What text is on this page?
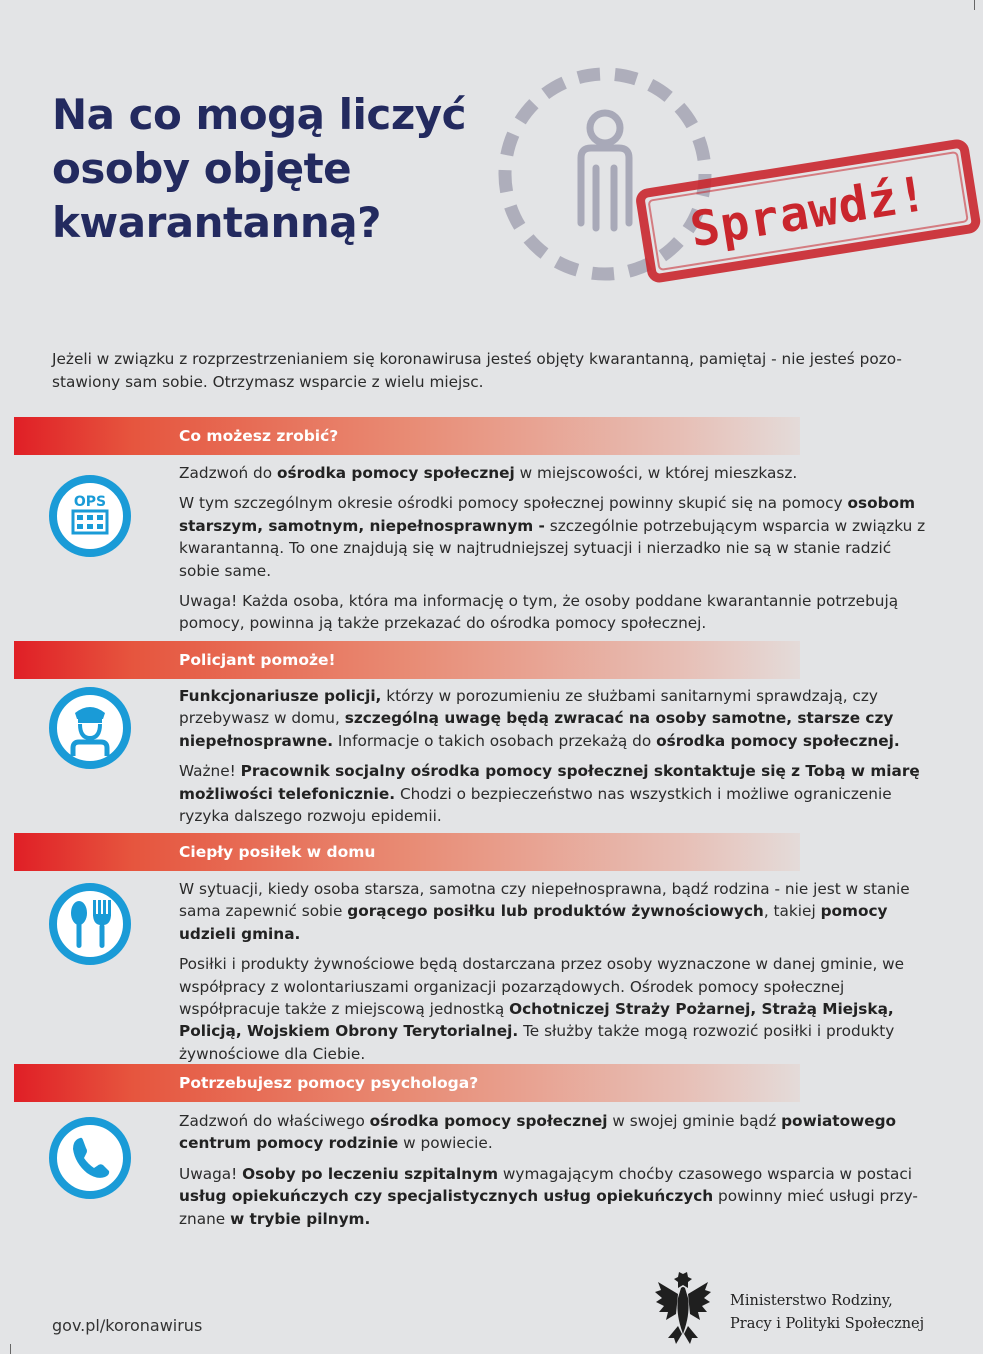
Na co mogą liczyć
osoby objęte
kwarantanną?	Sprawdź!
Jeżeli w związku z rozprzestrzenianiem się koronawirusa jesteś objęty kwarantanną, pamiętaj - nie jesteś pozo- stawiony sam sobie. Otrzymasz wsparcie z wielu miejsc.
Co możesz zrobić?
Policjant pomoże!
Ciepły posiłek w domu
Potrzebujesz pomocy psychologa?
OPS

Zadzwoń do ośrodka pomocy społecznej w miejscowości, w której mieszkasz.

W tym szczególnym okresie ośrodki pomocy społecznej powinny skupić się na pomocy osobom starszym, samotnym, niepełnosprawnym - szczególnie potrzebującym wsparcia w związku z kwarantanną. To one znajdują się w najtrudniejszej sytuacji i nierzadko nie są w stanie radzić sobie same.

Uwaga! Każda osoba, która ma informację o tym, że osoby poddane kwarantannie potrzebują pomocy, powinna ją także przekazać do ośrodka pomocy społecznej.

Funkcjonariusze policji, którzy w porozumieniu ze służbami sanitarnymi sprawdzają, czy przebywasz w domu, szczególną uwagę będą zwracać na osoby samotne, starsze czy niepełnosprawne. Informacje o takich osobach przekażą do ośrodka pomocy społecznej.

Ważne! Pracownik socjalny ośrodka pomocy społecznej skontaktuje się z Tobą w miarę możliwości telefonicznie. Chodzi o bezpieczeństwo nas wszystkich i możliwe ograniczenie ryzyka dalszego rozwoju epidemii.

W sytuacji, kiedy osoba starsza, samotna czy niepełnosprawna, bądź rodzina - nie jest w stanie sama zapewnić sobie gorącego posiłku lub produktów żywnościowych, takiej pomocy udzieli gmina.

Posiłki i produkty żywnościowe będą dostarczana przez osoby wyznaczone w danej gminie, we współpracy z wolontariuszami organizacji pozarządowych. Ośrodek pomocy społecznej współpracuje także z miejscową jednostką Ochotniczej Straży Pożarnej, Strażą Miejską, Policją, Wojskiem Obrony Terytorialnej. Te służby także mogą rozwozić posiłki i produkty żywnościowe dla Ciebie.

Zadzwoń do właściwego ośrodka pomocy społecznej w swojej gminie bądź powiatowego centrum pomocy rodzinie w powiecie.

Uwaga! Osoby po leczeniu szpitalnym wymagającym choćby czasowego wsparcia w postaci usług opiekuńczych czy specjalistycznych usług opiekuńczych powinny mieć usługi przy- znane w trybie pilnym.

gov.pl/koronawirus
Ministerstwo Rodziny,
Pracy i Polityki Społecznej
